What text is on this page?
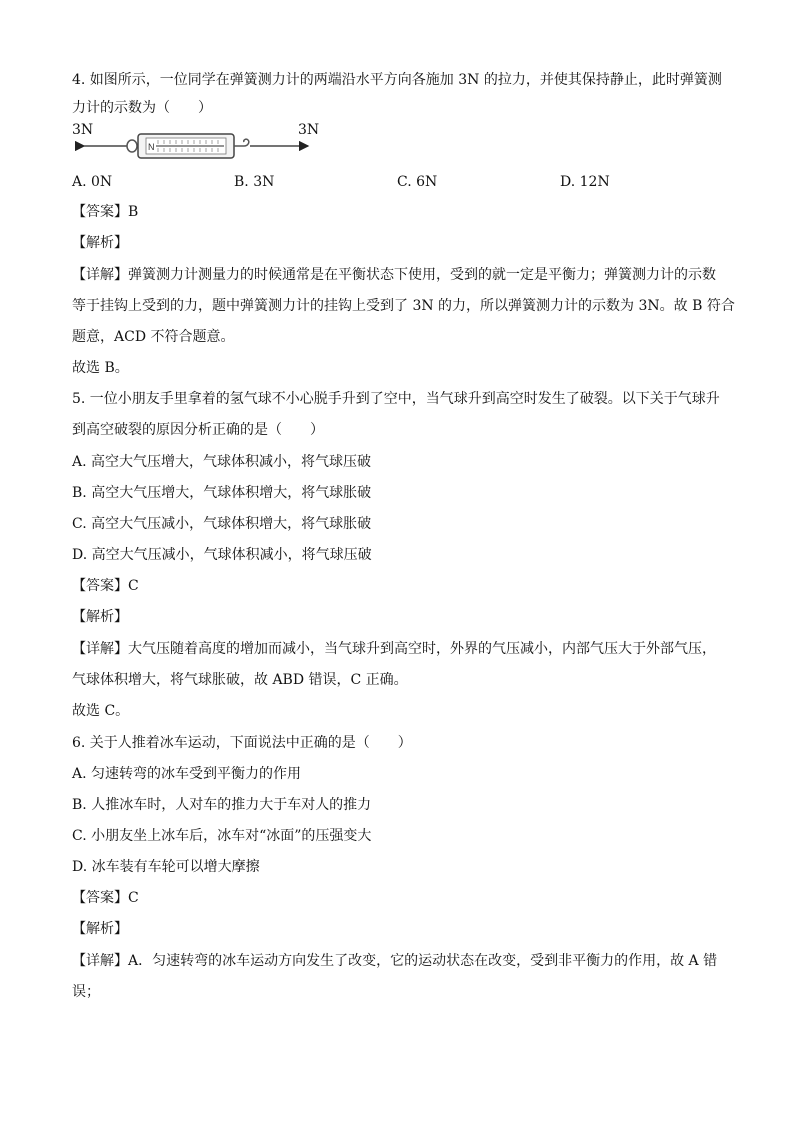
4. 如图所示，一位同学在弹簧测力计的两端沿水平方向各施加 3N 的拉力，并使其保持静止，此时弹簧测
力计的示数为（　　）
3N	3N
N
A. 0N	B. 3N	C. 6N	D. 12N
【答案】B
【解析】
【详解】弹簧测力计测量力的时候通常是在平衡状态下使用，受到的就一定是平衡力；弹簧测力计的示数
等于挂钩上受到的力，题中弹簧测力计的挂钩上受到了 3N 的力，所以弹簧测力计的示数为 3N。故 B 符合
题意，ACD 不符合题意。
故选 B。
5. 一位小朋友手里拿着的氢气球不小心脱手升到了空中，当气球升到高空时发生了破裂。以下关于气球升
到高空破裂的原因分析正确的是（　　）
A. 高空大气压增大，气球体积减小，将气球压破
B. 高空大气压增大，气球体积增大，将气球胀破
C. 高空大气压减小，气球体积增大，将气球胀破
D. 高空大气压减小，气球体积减小，将气球压破
【答案】C
【解析】
【详解】大气压随着高度的增加而减小，当气球升到高空时，外界的气压减小，内部气压大于外部气压，
气球体积增大，将气球胀破，故 ABD 错误，C 正确。
故选 C。
6. 关于人推着冰车运动，下面说法中正确的是（　　）
A. 匀速转弯的冰车受到平衡力的作用
B. 人推冰车时，人对车的推力大于车对人的推力
C. 小朋友坐上冰车后，冰车对“冰面”的压强变大
D. 冰车装有车轮可以增大摩擦
【答案】C
【解析】
【详解】A．匀速转弯的冰车运动方向发生了改变，它的运动状态在改变，受到非平衡力的作用，故 A 错
误；
